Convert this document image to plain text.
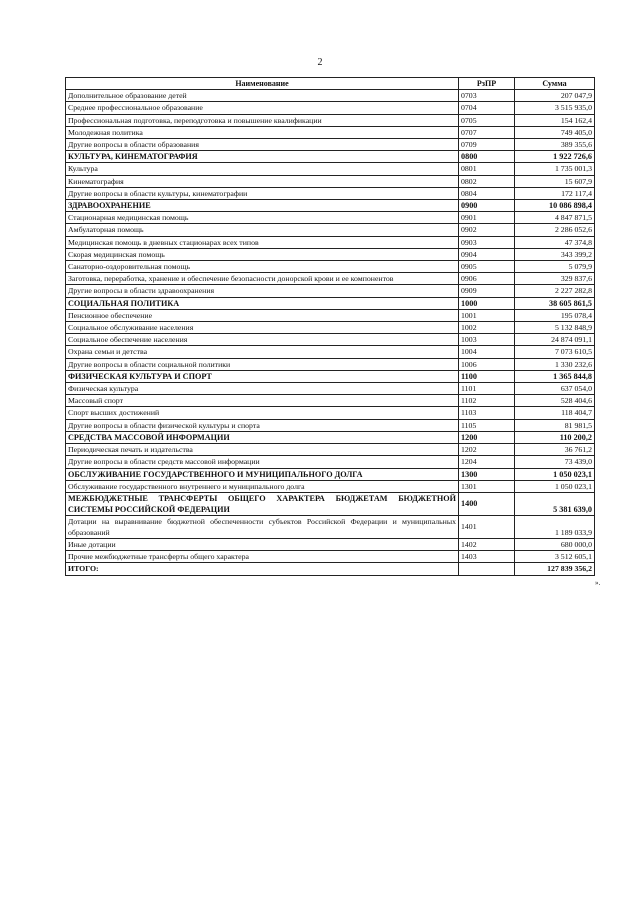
2
Наименование	РзПР	Сумма
Дополнительное образование детей	0703	207 047,9
Среднее профессиональное образование	0704	3 515 935,0
Профессиональная подготовка, переподготовка и повышение квалификации	0705	154 162,4
Молодежная политика	0707	749 405,0
Другие вопросы в области образования	0709	389 355,6
КУЛЬТУРА, КИНЕМАТОГРАФИЯ	0800	1 922 726,6
Культура	0801	1 735 001,3
Кинематография	0802	15 607,9
Другие вопросы в области культуры, кинематографии	0804	172 117,4
ЗДРАВООХРАНЕНИЕ	0900	10 086 898,4
Стационарная медицинская помощь	0901	4 847 871,5
Амбулаторная помощь	0902	2 286 052,6
Медицинская помощь в дневных стационарах всех типов	0903	47 374,8
Скорая медицинская помощь	0904	343 399,2
Санаторно-оздоровительная помощь	0905	5 079,9
Заготовка, переработка, хранение и обеспечение безопасности донорской крови и ее компонентов	0906	329 837,6
Другие вопросы в области здравоохранения	0909	2 227 282,8
СОЦИАЛЬНАЯ ПОЛИТИКА	1000	38 605 861,5
Пенсионное обеспечение	1001	195 078,4
Социальное обслуживание населения	1002	5 132 848,9
Социальное обеспечение населения	1003	24 874 091,1
Охрана семьи и детства	1004	7 073 610,5
Другие вопросы в области социальной политики	1006	1 330 232,6
ФИЗИЧЕСКАЯ КУЛЬТУРА И СПОРТ	1100	1 365 844,8
Физическая культура	1101	637 054,0
Массовый спорт	1102	528 404,6
Спорт высших достижений	1103	118 404,7
Другие вопросы в области физической культуры и спорта	1105	81 981,5
СРЕДСТВА МАССОВОЙ ИНФОРМАЦИИ	1200	110 200,2
Периодическая печать и издательства	1202	36 761,2
Другие вопросы в области средств массовой информации	1204	73 439,0
ОБСЛУЖИВАНИЕ ГОСУДАРСТВЕННОГО И МУНИЦИПАЛЬНОГО ДОЛГА	1300	1 050 023,1
Обслуживание государственного внутреннего и муниципального долга	1301	1 050 023,1
МЕЖБЮДЖЕТНЫЕ ТРАНСФЕРТЫ ОБЩЕГО ХАРАКТЕРА БЮДЖЕТАМ БЮДЖЕТНОЙ СИСТЕМЫ РОССИЙСКОЙ ФЕДЕРАЦИИ	1400	5 381 639,0
Дотации на выравнивание бюджетной обеспеченности субъектов Российской Федерации и муниципальных образований	1401	1 189 033,9
Иные дотации	1402	680 000,0
Прочие межбюджетные трансферты общего характера	1403	3 512 605,1
ИТОГО:		127 839 356,2
».
